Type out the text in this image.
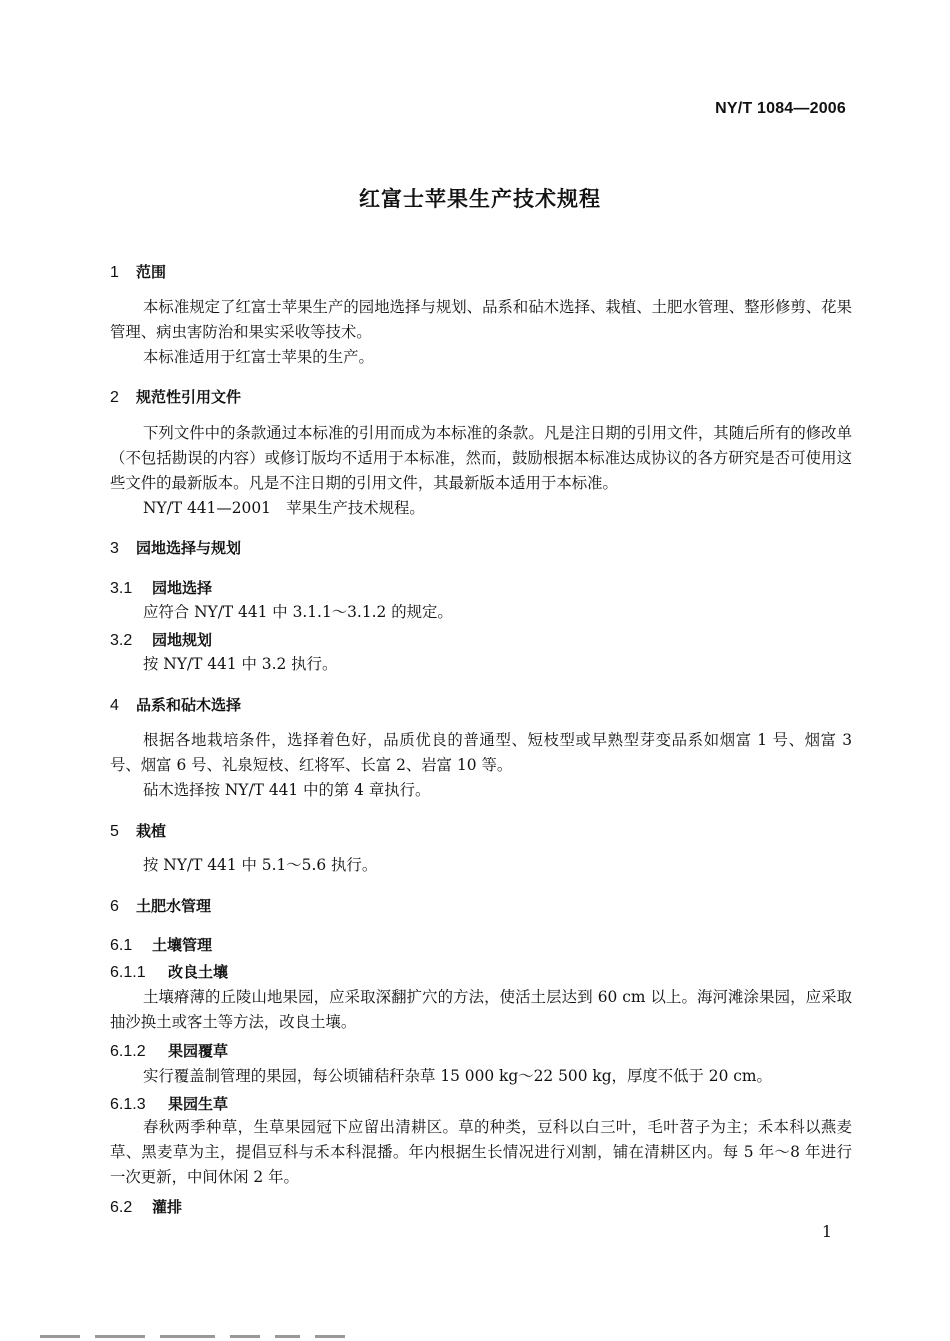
NY/T 1084—2006
红富士苹果生产技术规程
1 范围

本标准规定了红富士苹果生产的园地选择与规划、品系和砧木选择、栽植、土肥水管理、整形修剪、花果管理、病虫害防治和果实采收等技术。

本标准适用于红富士苹果的生产。

2 规范性引用文件

下列文件中的条款通过本标准的引用而成为本标准的条款。凡是注日期的引用文件，其随后所有的修改单（不包括勘误的内容）或修订版均不适用于本标准，然而，鼓励根据本标准达成协议的各方研究是否可使用这些文件的最新版本。凡是不注日期的引用文件，其最新版本适用于本标准。

NY/T 441—2001　苹果生产技术规程。

3 园地选择与规划
3.1 园地选择

应符合 NY/T 441 中 3.1.1～3.1.2 的规定。

3.2 园地规划

按 NY/T 441 中 3.2 执行。

4 品系和砧木选择

根据各地栽培条件，选择着色好，品质优良的普通型、短枝型或早熟型芽变品系如烟富 1 号、烟富 3 号、烟富 6 号、礼泉短枝、红将军、长富 2、岩富 10 等。

砧木选择按 NY/T 441 中的第 4 章执行。

5 栽植

按 NY/T 441 中 5.1～5.6 执行。

6 土肥水管理
6.1 土壤管理
6.1.1 改良土壤

土壤瘠薄的丘陵山地果园，应采取深翻扩穴的方法，使活土层达到 60 cm 以上。海河滩涂果园，应采取抽沙换土或客土等方法，改良土壤。

6.1.2 果园覆草

实行覆盖制管理的果园，每公顷铺秸秆杂草 15 000 kg～22 500 kg，厚度不低于 20 cm。

6.1.3 果园生草

春秋两季种草，生草果园冠下应留出清耕区。草的种类，豆科以白三叶，毛叶苕子为主；禾本科以燕麦草、黑麦草为主，提倡豆科与禾本科混播。年内根据生长情况进行刈割，铺在清耕区内。每 5 年～8 年进行一次更新，中间休闲 2 年。

6.2 灌排
1
